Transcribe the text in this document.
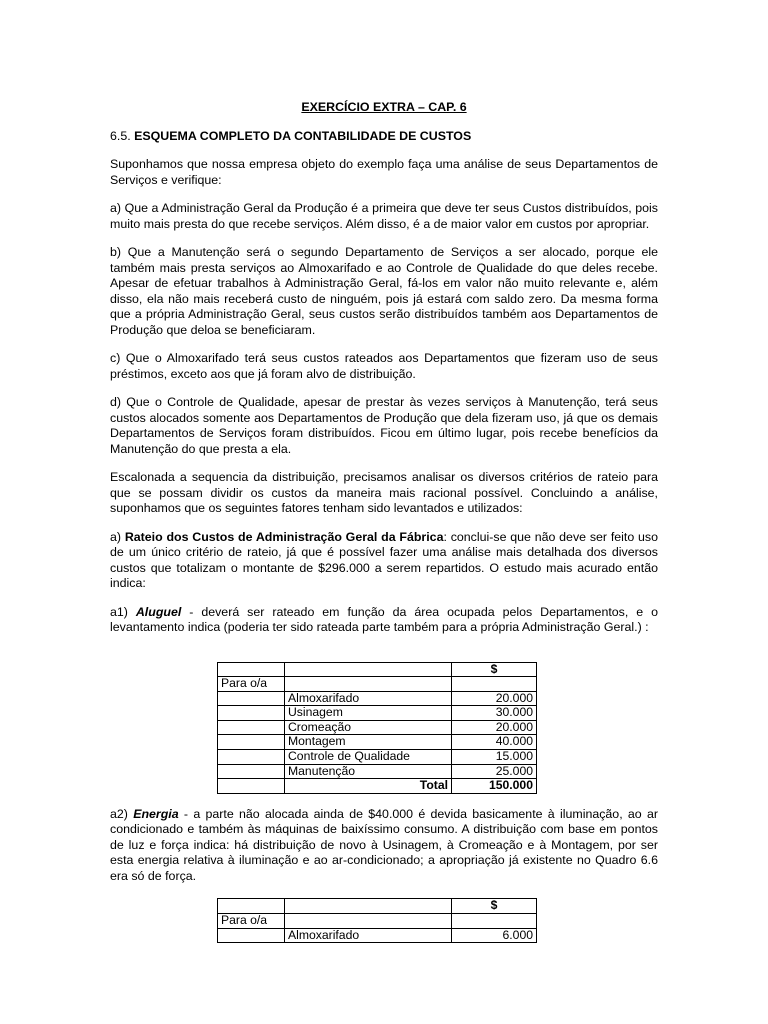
EXERCÍCIO EXTRA – CAP. 6
6.5. ESQUEMA COMPLETO DA CONTABILIDADE DE CUSTOS

Suponhamos que nossa empresa objeto do exemplo faça uma análise de seus Departamentos de Serviços e verifique:

a) Que a Administração Geral da Produção é a primeira que deve ter seus Custos distribuídos, pois muito mais presta do que recebe serviços. Além disso, é a de maior valor em custos por apropriar.

b) Que a Manutenção será o segundo Departamento de Serviços a ser alocado, porque ele também mais presta serviços ao Almoxarifado e ao Controle de Qualidade do que deles recebe. Apesar de efetuar trabalhos à Administração Geral, fá-los em valor não muito relevante e, além disso, ela não mais receberá custo de ninguém, pois já estará com saldo zero. Da mesma forma que a própria Administração Geral, seus custos serão distribuídos também aos Departamentos de Produção que deloa se beneficiaram.

c) Que o Almoxarifado terá seus custos rateados aos Departamentos que fizeram uso de seus préstimos, exceto aos que já foram alvo de distribuição.

d) Que o Controle de Qualidade, apesar de prestar às vezes serviços à Manutenção, terá seus custos alocados somente aos Departamentos de Produção que dela fizeram uso, já que os demais Departamentos de Serviços foram distribuídos. Ficou em último lugar, pois recebe benefícios da Manutenção do que presta a ela.

Escalonada a sequencia da distribuição, precisamos analisar os diversos critérios de rateio para que se possam dividir os custos da maneira mais racional possível. Concluindo a análise, suponhamos que os seguintes fatores tenham sido levantados e utilizados:

a) Rateio dos Custos de Administração Geral da Fábrica: conclui-se que não deve ser feito uso de um único critério de rateio, já que é possível fazer uma análise mais detalhada dos diversos custos que totalizam o montante de $296.000 a serem repartidos. O estudo mais acurado então indica:

a1) Aluguel - deverá ser rateado em função da área ocupada pelos Departamentos, e o levantamento indica (poderia ter sido rateada parte também para a própria Administração Geral.) :

		$
Para o/a		
	Almoxarifado	20.000
	Usinagem	30.000
	Cromeação	20.000
	Montagem	40.000
	Controle de Qualidade	15.000
	Manutenção	25.000
	Total	150.000

a2) Energia - a parte não alocada ainda de $40.000 é devida basicamente à iluminação, ao ar condicionado e também às máquinas de baixíssimo consumo. A distribuição com base em pontos de luz e força indica: há distribuição de novo à Usinagem, à Cromeação e à Montagem, por ser esta energia relativa à iluminação e ao ar-condicionado; a apropriação já existente no Quadro 6.6 era só de força.

		$
Para o/a		
	Almoxarifado	6.000
